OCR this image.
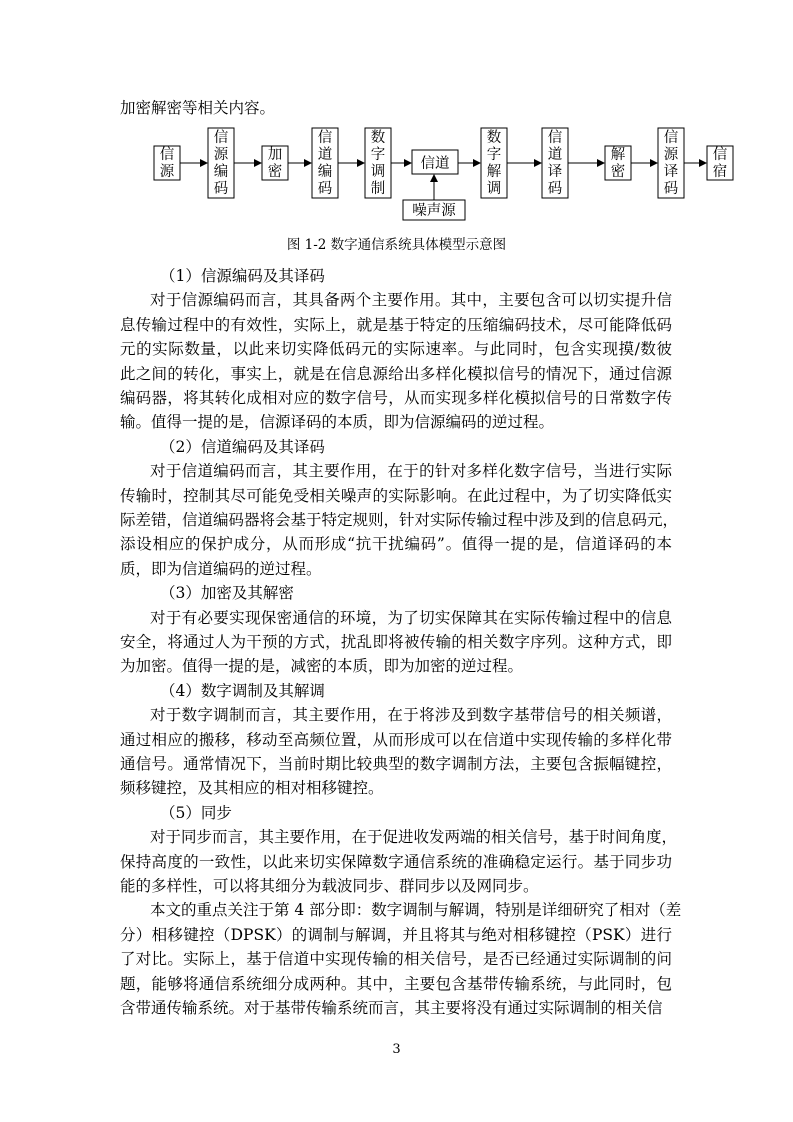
加密解密等相关内容。
信源
信源编码
加密
信道编码
数字调制
信道
数字解调
信道译码
解密
信源译码
信宿
噪声源
图 1-2 数字通信系统具体模型示意图
（1）信源编码及其译码
对于信源编码而言，其具备两个主要作用。其中，主要包含可以切实提升信
息传输过程中的有效性，实际上，就是基于特定的压缩编码技术，尽可能降低码
元的实际数量，以此来切实降低码元的实际速率。与此同时，包含实现摸/数彼
此之间的转化，事实上，就是在信息源给出多样化模拟信号的情况下，通过信源
编码器，将其转化成相对应的数字信号，从而实现多样化模拟信号的日常数字传
输。值得一提的是，信源译码的本质，即为信源编码的逆过程。
（2）信道编码及其译码
对于信道编码而言，其主要作用，在于的针对多样化数字信号，当进行实际
传输时，控制其尽可能免受相关噪声的实际影响。在此过程中，为了切实降低实
际差错，信道编码器将会基于特定规则，针对实际传输过程中涉及到的信息码元，
添设相应的保护成分，从而形成“抗干扰编码”。值得一提的是，信道译码的本
质，即为信道编码的逆过程。
（3）加密及其解密
对于有必要实现保密通信的环境，为了切实保障其在实际传输过程中的信息
安全，将通过人为干预的方式，扰乱即将被传输的相关数字序列。这种方式，即
为加密。值得一提的是，减密的本质，即为加密的逆过程。
（4）数字调制及其解调
对于数字调制而言，其主要作用，在于将涉及到数字基带信号的相关频谱，
通过相应的搬移，移动至高频位置，从而形成可以在信道中实现传输的多样化带
通信号。通常情况下，当前时期比较典型的数字调制方法，主要包含振幅键控，
频移键控，及其相应的相对相移键控。
（5）同步
对于同步而言，其主要作用，在于促进收发两端的相关信号，基于时间角度，
保持高度的一致性，以此来切实保障数字通信系统的准确稳定运行。基于同步功
能的多样性，可以将其细分为载波同步、群同步以及网同步。
本文的重点关注于第 4 部分即：数字调制与解调，特别是详细研究了相对（差
分）相移键控（DPSK）的调制与解调，并且将其与绝对相移键控（PSK）进行
了对比。实际上，基于信道中实现传输的相关信号，是否已经通过实际调制的问
题，能够将通信系统细分成两种。其中，主要包含基带传输系统，与此同时，包
含带通传输系统。对于基带传输系统而言，其主要将没有通过实际调制的相关信
3
